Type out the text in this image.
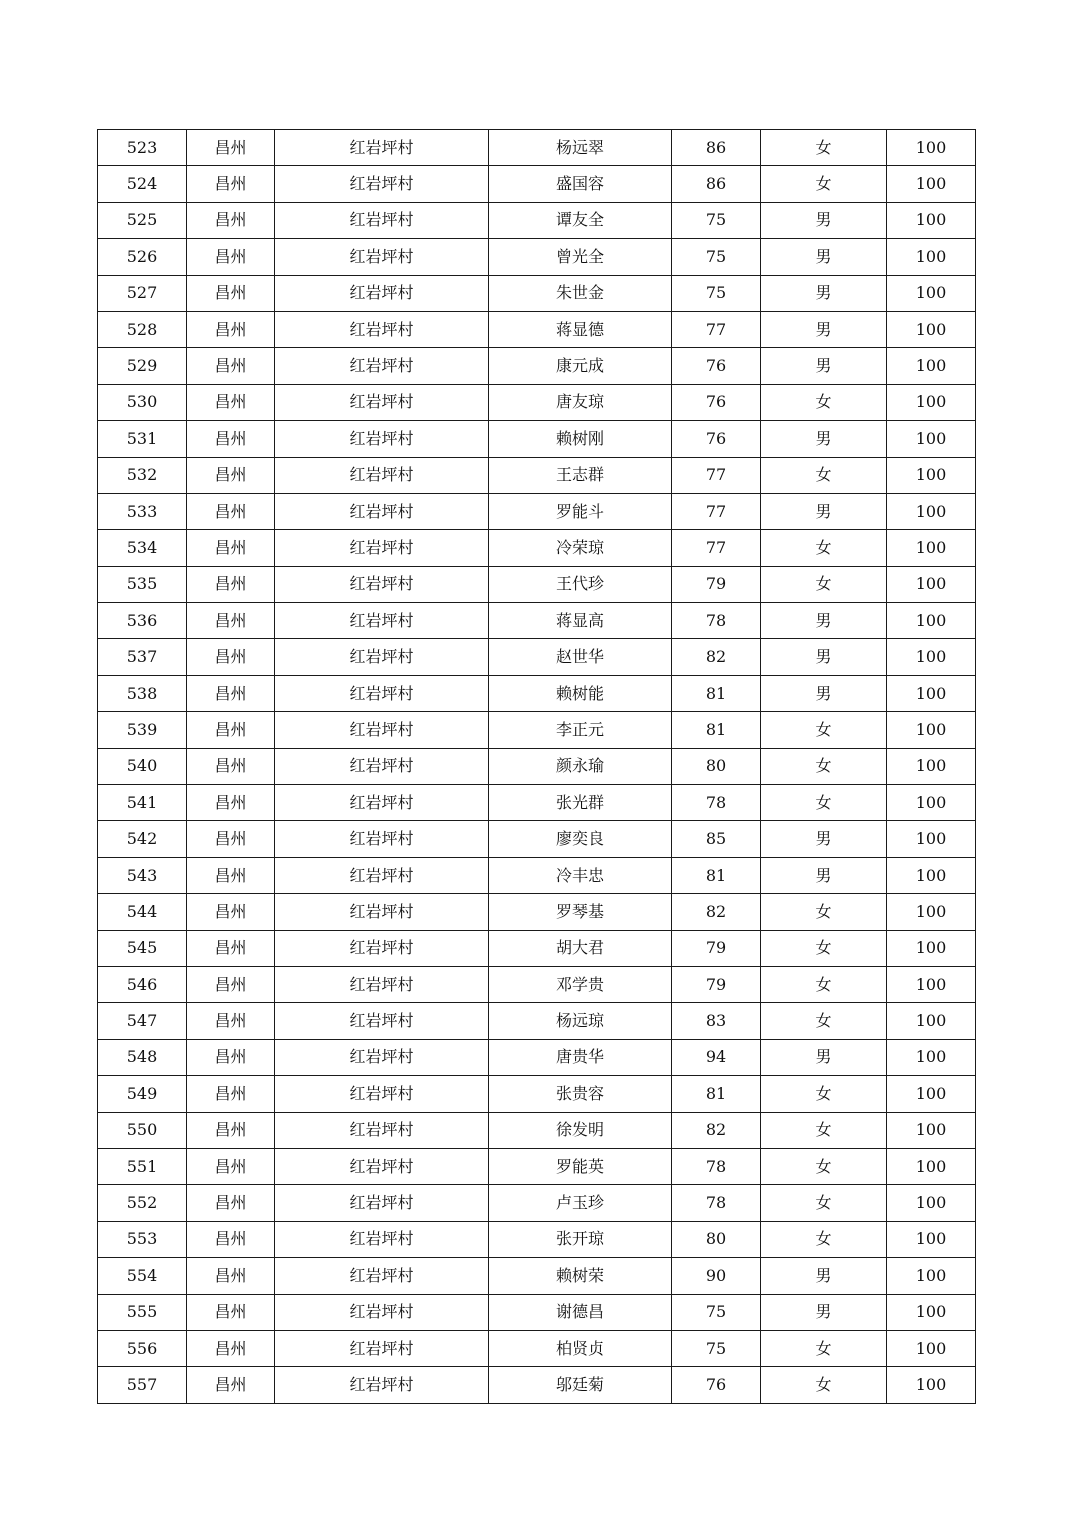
523	昌州	红岩坪村	杨远翠	86	女	100
524	昌州	红岩坪村	盛国容	86	女	100
525	昌州	红岩坪村	谭友全	75	男	100
526	昌州	红岩坪村	曾光全	75	男	100
527	昌州	红岩坪村	朱世金	75	男	100
528	昌州	红岩坪村	蒋显德	77	男	100
529	昌州	红岩坪村	康元成	76	男	100
530	昌州	红岩坪村	唐友琼	76	女	100
531	昌州	红岩坪村	赖树刚	76	男	100
532	昌州	红岩坪村	王志群	77	女	100
533	昌州	红岩坪村	罗能斗	77	男	100
534	昌州	红岩坪村	冷荣琼	77	女	100
535	昌州	红岩坪村	王代珍	79	女	100
536	昌州	红岩坪村	蒋显高	78	男	100
537	昌州	红岩坪村	赵世华	82	男	100
538	昌州	红岩坪村	赖树能	81	男	100
539	昌州	红岩坪村	李正元	81	女	100
540	昌州	红岩坪村	颜永瑜	80	女	100
541	昌州	红岩坪村	张光群	78	女	100
542	昌州	红岩坪村	廖奕良	85	男	100
543	昌州	红岩坪村	冷丰忠	81	男	100
544	昌州	红岩坪村	罗琴基	82	女	100
545	昌州	红岩坪村	胡大君	79	女	100
546	昌州	红岩坪村	邓学贵	79	女	100
547	昌州	红岩坪村	杨远琼	83	女	100
548	昌州	红岩坪村	唐贵华	94	男	100
549	昌州	红岩坪村	张贵容	81	女	100
550	昌州	红岩坪村	徐发明	82	女	100
551	昌州	红岩坪村	罗能英	78	女	100
552	昌州	红岩坪村	卢玉珍	78	女	100
553	昌州	红岩坪村	张开琼	80	女	100
554	昌州	红岩坪村	赖树荣	90	男	100
555	昌州	红岩坪村	谢德昌	75	男	100
556	昌州	红岩坪村	柏贤贞	75	女	100
557	昌州	红岩坪村	邬廷菊	76	女	100
